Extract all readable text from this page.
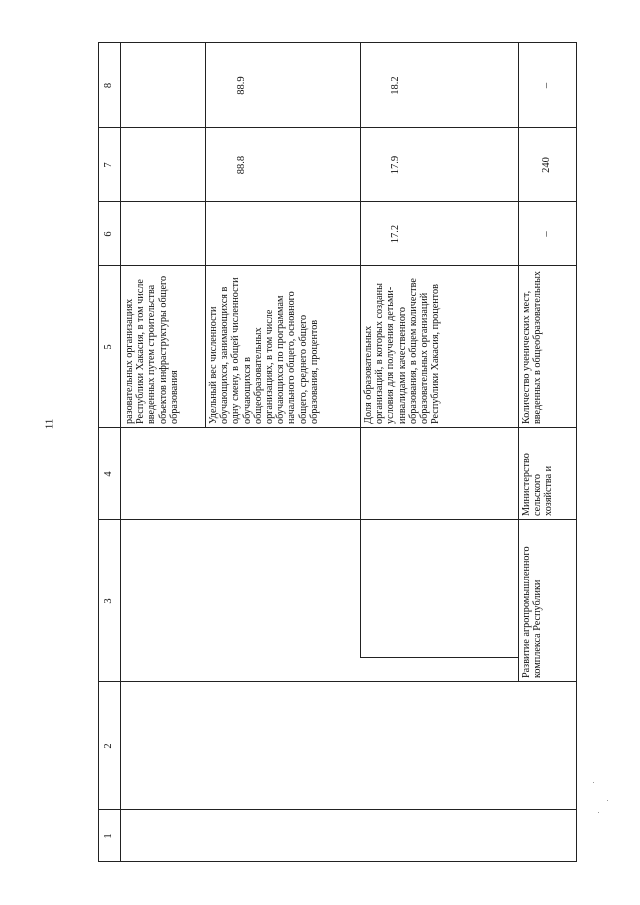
11
1
2
3
4
5
6
7
8
разовательных организациях Республики Хакасия, в том числе введенных путем строительства объектов инфраструктуры общего образования	Удельный вес численности обучающихся, занимающихся в одну смену, в общей численности обучающихся в общеобразовательных организациях, в том числе обучающихся по программам начального общего, основного общего, среднего общего образования, процентов
88.8
88.9
Доля образовательных организаций, в которых созданы условия для получения детьми-инвалидами качественного образования, в общем количестве образовательных организаций Республики Хакасия, процентов
17.2
17.9
18.2
Развитие агропромышленного комплекса Республики
Министерство сельского хозяйства и
Количество ученических мест, введенных в общеобразовательных
–
240
–
